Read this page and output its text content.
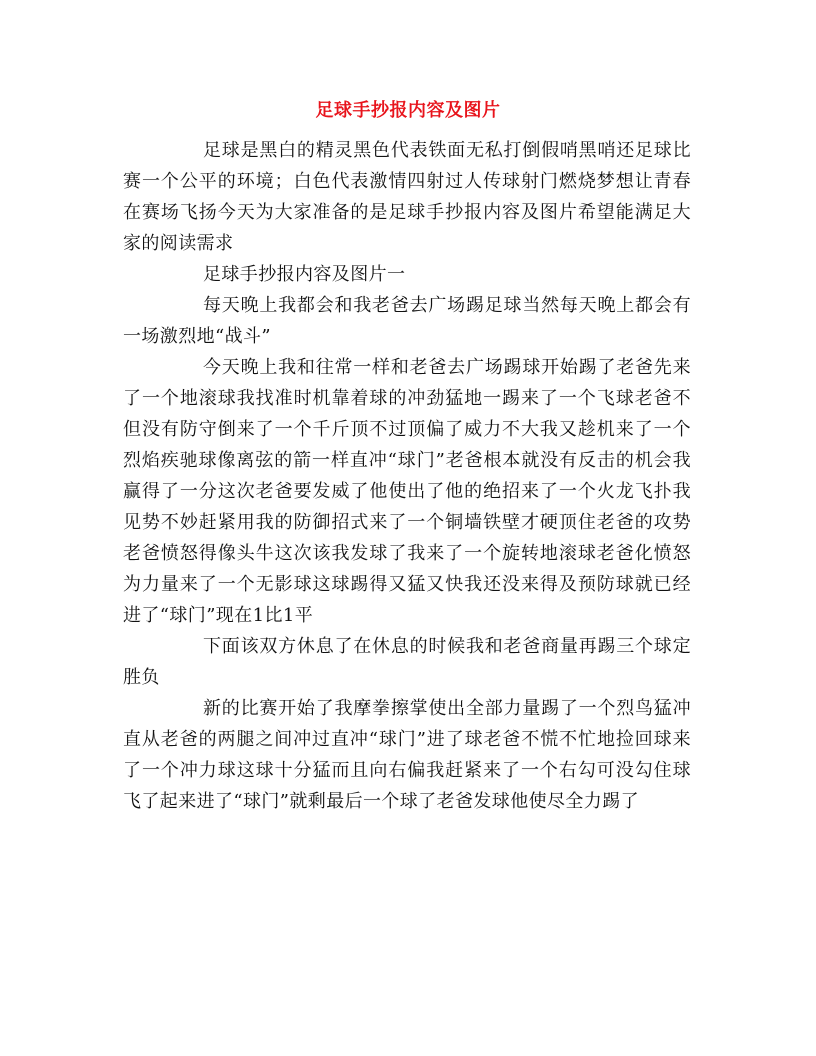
足球手抄报内容及图片

足球是黑白的精灵黑色代表铁面无私打倒假哨黑哨还足球比赛一个公平的环境；白色代表激情四射过人传球射门燃烧梦想让青春在赛场飞扬今天为大家准备的是足球手抄报内容及图片希望能满足大家的阅读需求

足球手抄报内容及图片一

每天晚上我都会和我老爸去广场踢足球当然每天晚上都会有一场激烈地“战斗”

今天晚上我和往常一样和老爸去广场踢球开始踢了老爸先来了一个地滚球我找准时机靠着球的冲劲猛地一踢来了一个飞球老爸不但没有防守倒来了一个千斤顶不过顶偏了威力不大我又趁机来了一个烈焰疾驰球像离弦的箭一样直冲“球门”老爸根本就没有反击的机会我赢得了一分这次老爸要发威了他使出了他的绝招来了一个火龙飞扑我见势不妙赶紧用我的防御招式来了一个铜墙铁壁才硬顶住老爸的攻势老爸愤怒得像头牛这次该我发球了我来了一个旋转地滚球老爸化愤怒为力量来了一个无影球这球踢得又猛又快我还没来得及预防球就已经进了“球门”现在1比1平

下面该双方休息了在休息的时候我和老爸商量再踢三个球定胜负

新的比赛开始了我摩拳擦掌使出全部力量踢了一个烈鸟猛冲直从老爸的两腿之间冲过直冲“球门”进了球老爸不慌不忙地捡回球来了一个冲力球这球十分猛而且向右偏我赶紧来了一个右勾可没勾住球飞了起来进了“球门”就剩最后一个球了老爸发球他使尽全力踢了
